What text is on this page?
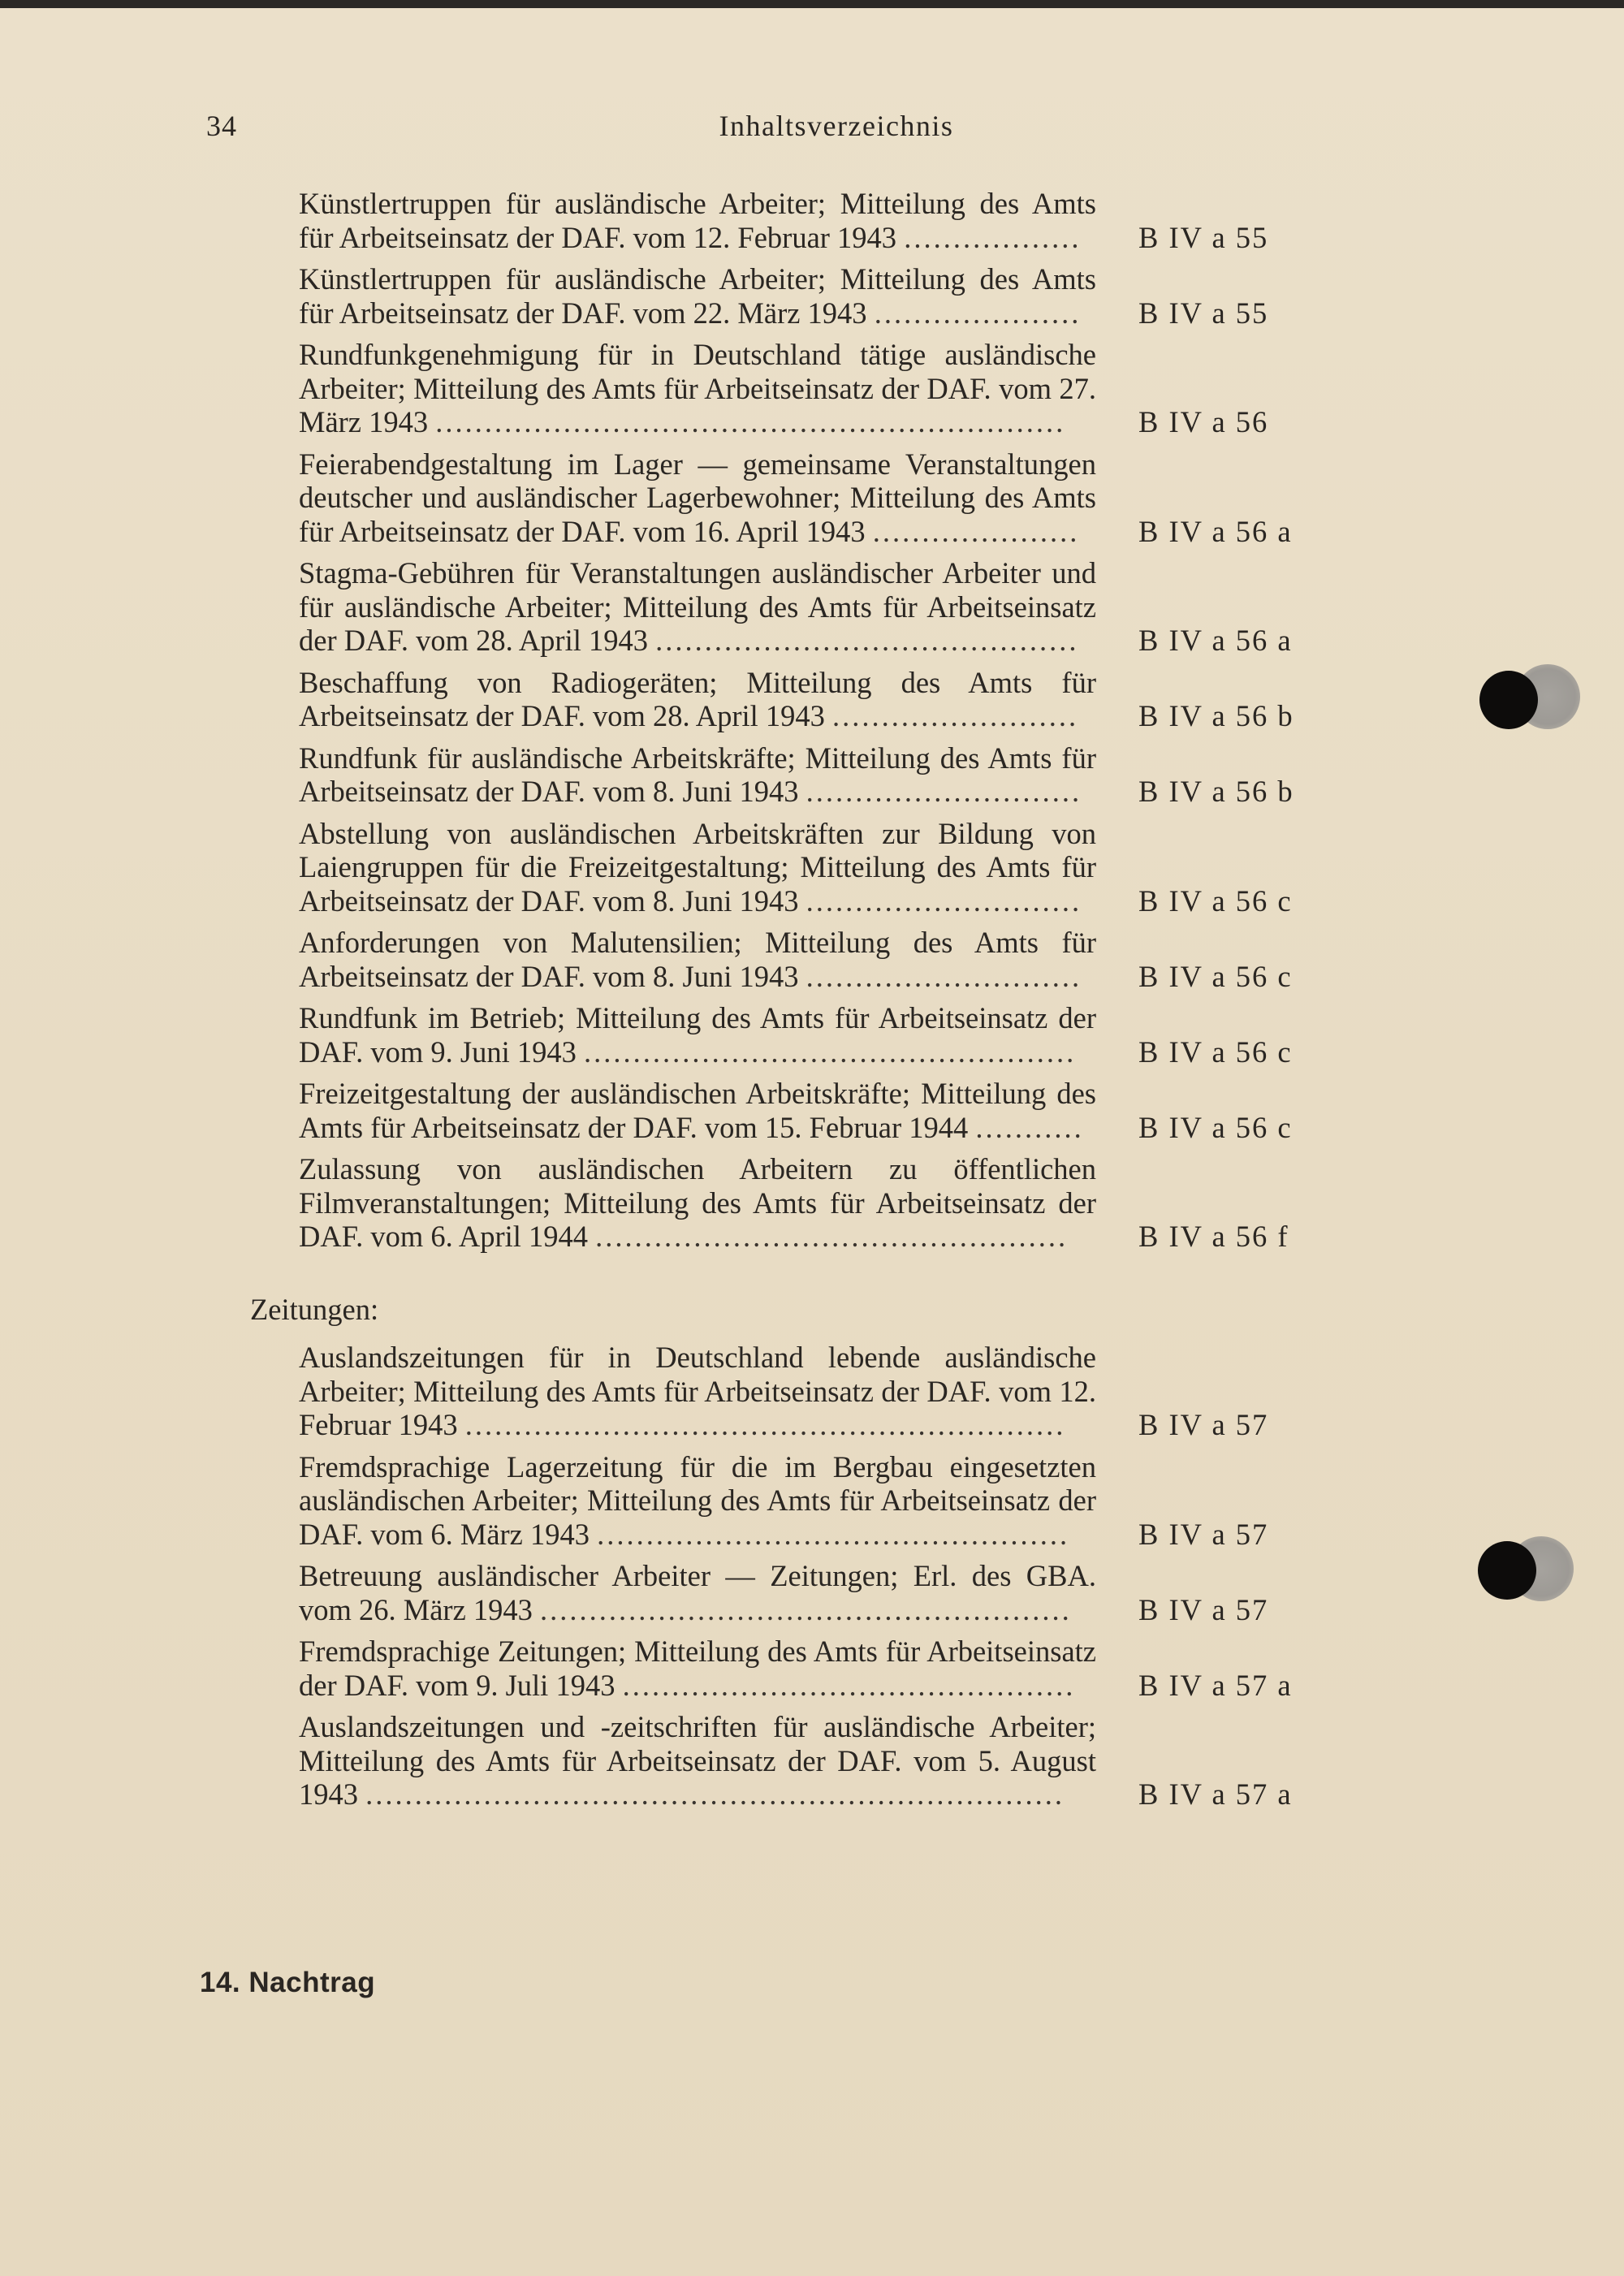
34	Inhaltsverzeichnis
Künstlertruppen für ausländische Arbeiter; Mitteilung des Amts für Arbeitseinsatz der DAF. vom 12. Februar 1943 ..................	B IV a 55
Künstlertruppen für ausländische Arbeiter; Mitteilung des Amts für Arbeitseinsatz der DAF. vom 22. März 1943 .....................	B IV a 55
Rundfunkgenehmigung für in Deutschland tätige ausländische Arbeiter; Mitteilung des Amts für Arbeitseinsatz der DAF. vom 27. März 1943 ................................................................	B IV a 56
Feierabendgestaltung im Lager — gemeinsame Veranstaltungen deutscher und ausländischer Lagerbewohner; Mitteilung des Amts für Arbeitseinsatz der DAF. vom 16. April 1943 .....................	B IV a 56 a
Stagma-Gebühren für Veranstaltungen ausländischer Arbeiter und für ausländische Arbeiter; Mitteilung des Amts für Arbeitseinsatz der DAF. vom 28. April 1943 ...........................................	B IV a 56 a
Beschaffung von Radiogeräten; Mitteilung des Amts für Arbeitseinsatz der DAF. vom 28. April 1943 .........................	B IV a 56 b
Rundfunk für ausländische Arbeitskräfte; Mitteilung des Amts für Arbeitseinsatz der DAF. vom 8. Juni 1943 ............................	B IV a 56 b
Abstellung von ausländischen Arbeitskräften zur Bildung von Laiengruppen für die Freizeitgestaltung; Mitteilung des Amts für Arbeitseinsatz der DAF. vom 8. Juni 1943 ............................	B IV a 56 c
Anforderungen von Malutensilien; Mitteilung des Amts für Arbeitseinsatz der DAF. vom 8. Juni 1943 ............................	B IV a 56 c
Rundfunk im Betrieb; Mitteilung des Amts für Arbeitseinsatz der DAF. vom 9. Juni 1943 ..................................................	B IV a 56 c
Freizeitgestaltung der ausländischen Arbeitskräfte; Mitteilung des Amts für Arbeitseinsatz der DAF. vom 15. Februar 1944 ...........	B IV a 56 c
Zulassung von ausländischen Arbeitern zu öffentlichen Filmveranstaltungen; Mitteilung des Amts für Arbeitseinsatz der DAF. vom 6. April 1944 ................................................	B IV a 56 f
Zeitungen:
Auslandszeitungen für in Deutschland lebende ausländische Arbeiter; Mitteilung des Amts für Arbeitseinsatz der DAF. vom 12. Februar 1943 .............................................................	B IV a 57
Fremdsprachige Lagerzeitung für die im Bergbau eingesetzten ausländischen Arbeiter; Mitteilung des Amts für Arbeitseinsatz der DAF. vom 6. März 1943 ................................................	B IV a 57
Betreuung ausländischer Arbeiter — Zeitungen; Erl. des GBA. vom 26. März 1943 ......................................................	B IV a 57
Fremdsprachige Zeitungen; Mitteilung des Amts für Arbeitseinsatz der DAF. vom 9. Juli 1943 ..............................................	B IV a 57 a
Auslandszeitungen und -zeitschriften für ausländische Arbeiter; Mitteilung des Amts für Arbeitseinsatz der DAF. vom 5. August 1943 .......................................................................	B IV a 57 a
14. Nachtrag
